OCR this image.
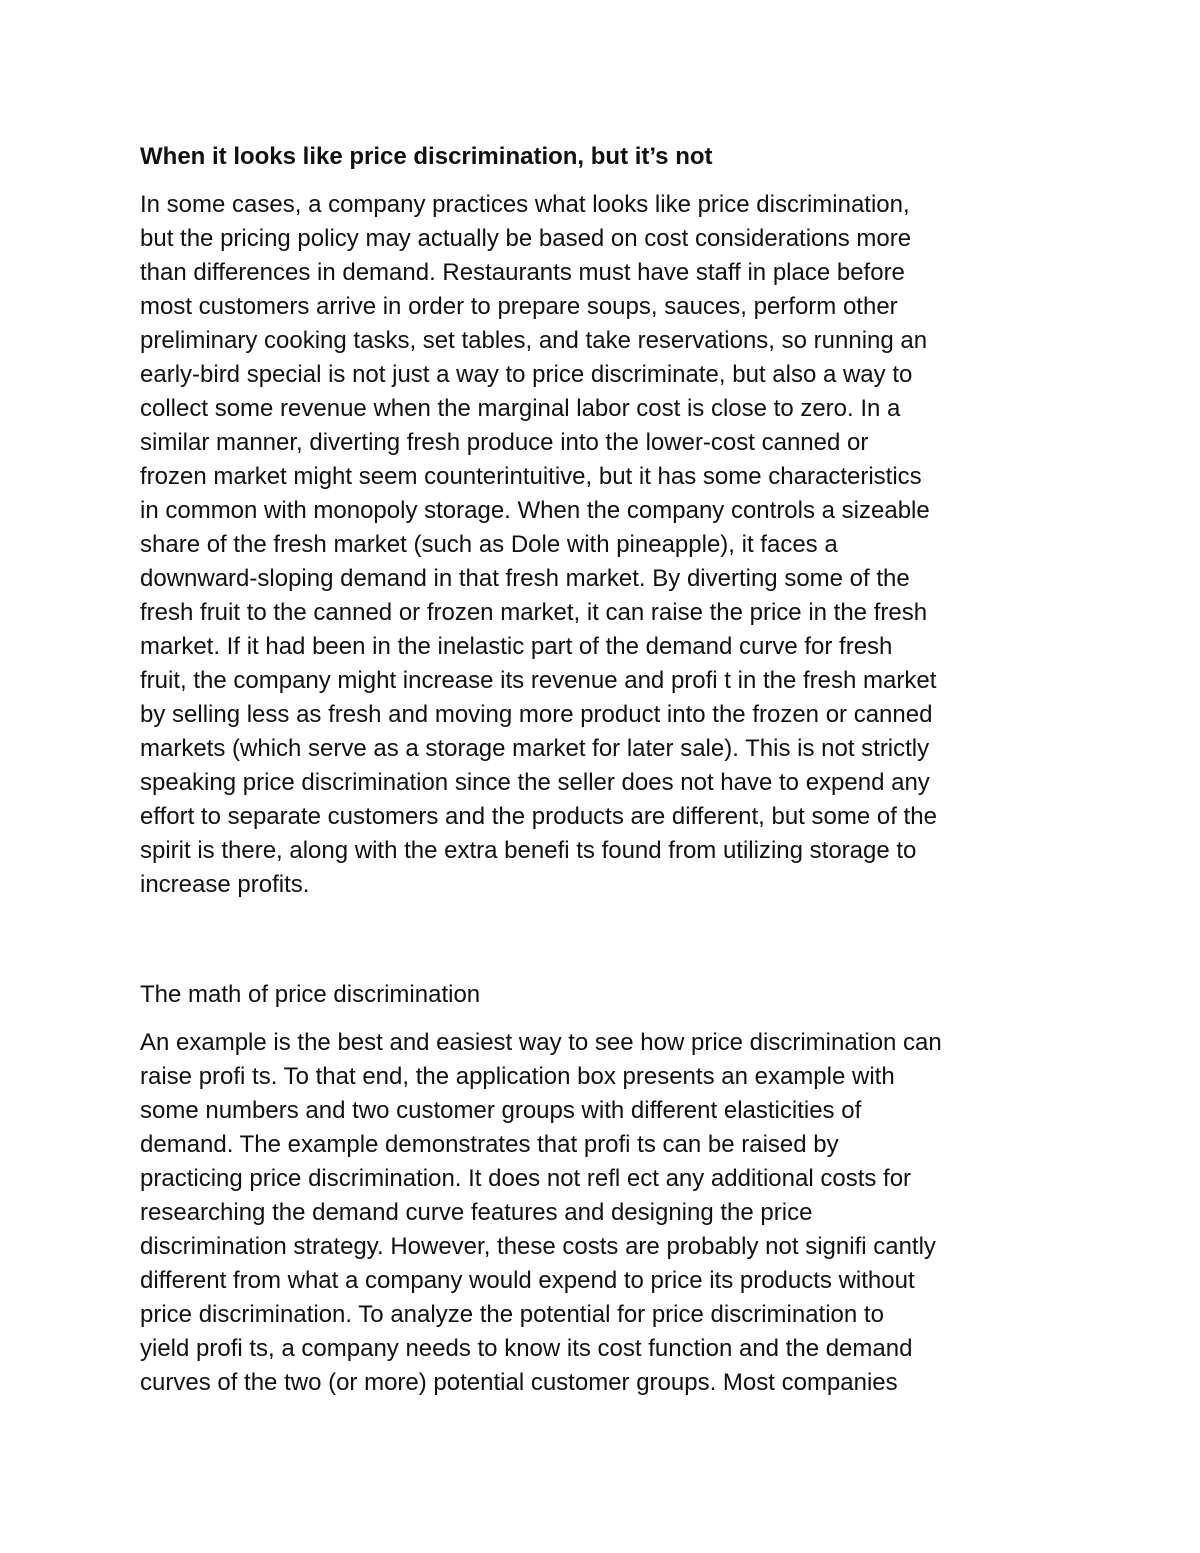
When it looks like price discrimination, but it’s not

In some cases, a company practices what looks like price discrimination,
but the pricing policy may actually be based on cost considerations more
than differences in demand. Restaurants must have staff in place before
most customers arrive in order to prepare soups, sauces, perform other
preliminary cooking tasks, set tables, and take reservations, so running an
early-bird special is not just a way to price discriminate, but also a way to
collect some revenue when the marginal labor cost is close to zero. In a
similar manner, diverting fresh produce into the lower-cost canned or
frozen market might seem counterintuitive, but it has some characteristics
in common with monopoly storage. When the company controls a sizeable
share of the fresh market (such as Dole with pineapple), it faces a
downward-sloping demand in that fresh market. By diverting some of the
fresh fruit to the canned or frozen market, it can raise the price in the fresh
market. If it had been in the inelastic part of the demand curve for fresh
fruit, the company might increase its revenue and profi t in the fresh market
by selling less as fresh and moving more product into the frozen or canned
markets (which serve as a storage market for later sale). This is not strictly
speaking price discrimination since the seller does not have to expend any
effort to separate customers and the products are different, but some of the
spirit is there, along with the extra benefi ts found from utilizing storage to
increase profits.

The math of price discrimination

An example is the best and easiest way to see how price discrimination can
raise profi ts. To that end, the application box presents an example with
some numbers and two customer groups with different elasticities of
demand. The example demonstrates that profi ts can be raised by
practicing price discrimination. It does not refl ect any additional costs for
researching the demand curve features and designing the price
discrimination strategy. However, these costs are probably not signifi cantly
different from what a company would expend to price its products without
price discrimination. To analyze the potential for price discrimination to
yield profi ts, a company needs to know its cost function and the demand
curves of the two (or more) potential customer groups. Most companies
